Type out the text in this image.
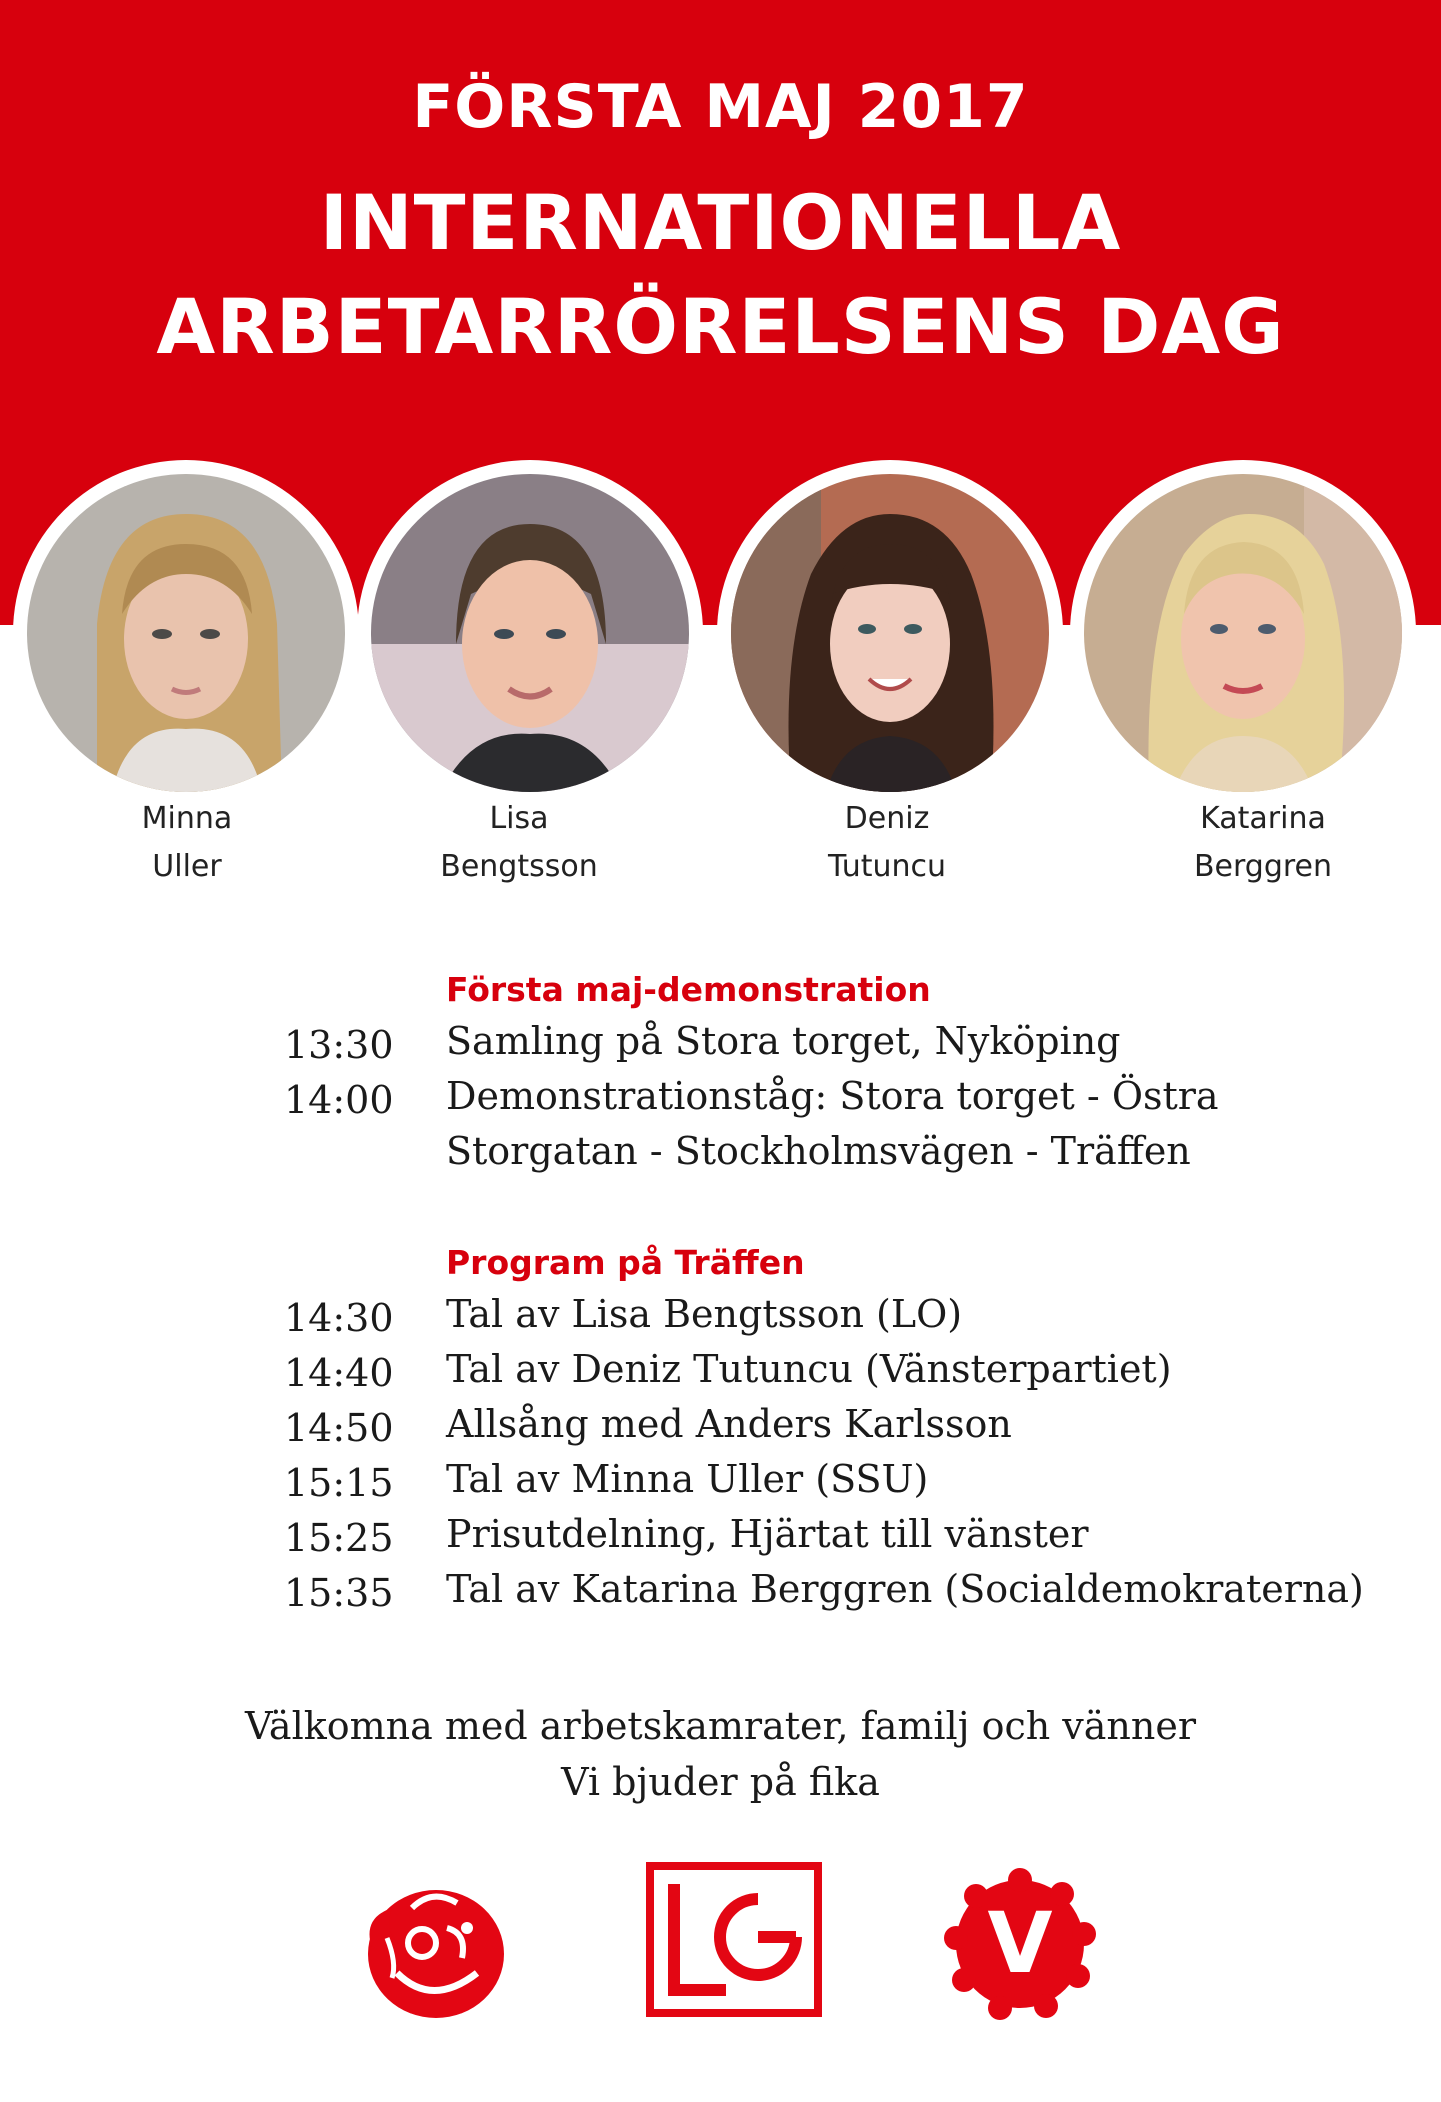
FÖRSTA MAJ 2017
INTERNATIONELLA
ARBETARRÖRELSENS DAG
Minna
Uller
Lisa
Bengtsson
Deniz
Tutuncu
Katarina
Berggren
Första maj-demonstration
13:30 Samling på Stora torget, Nyköping
14:00 Demonstrationståg: Stora torget - Östra
Storgatan - Stockholmsvägen - Träffen
Program på Träffen
14:30 Tal av Lisa Bengtsson (LO)
14:40 Tal av Deniz Tutuncu (Vänsterpartiet)
14:50 Allsång med Anders Karlsson
15:15 Tal av Minna Uller (SSU)
15:25 Prisutdelning, Hjärtat till vänster
15:35 Tal av Katarina Berggren (Socialdemokraterna)
Välkomna med arbetskamrater, familj och vänner
Vi bjuder på fika
V
